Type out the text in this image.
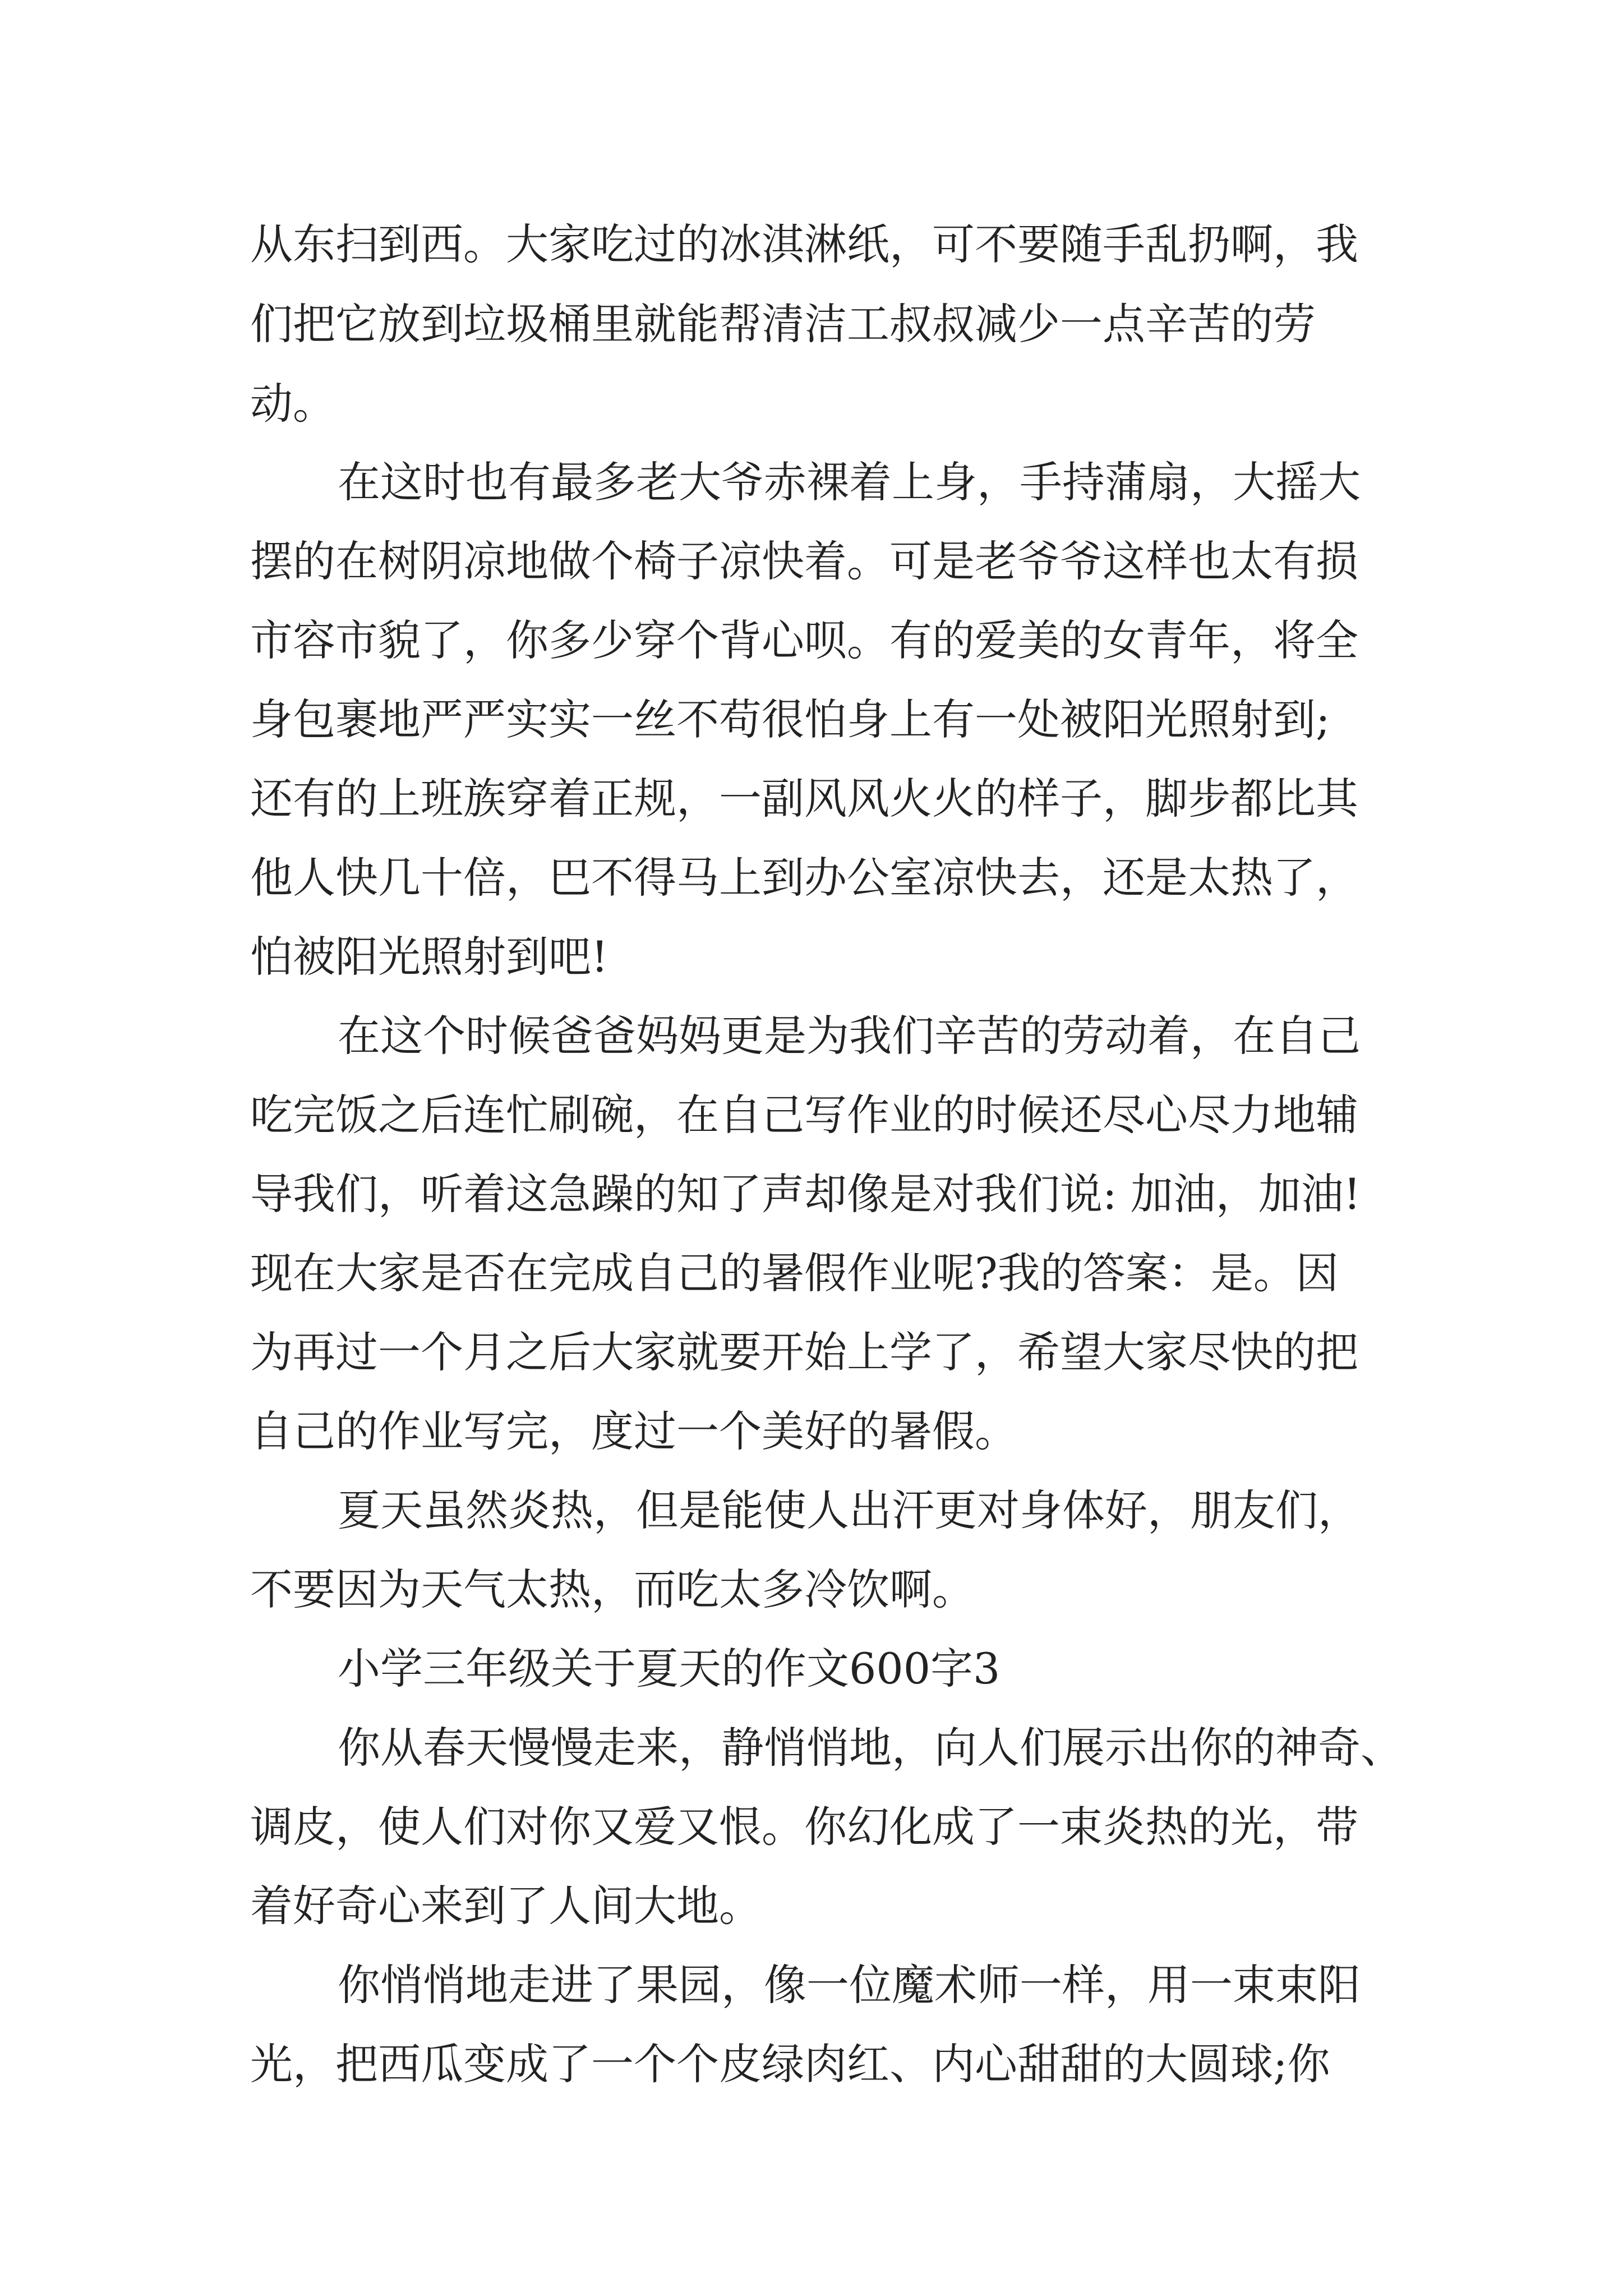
从东扫到西。大家吃过的冰淇淋纸，可不要随手乱扔啊，我

们把它放到垃圾桶里就能帮清洁工叔叔减少一点辛苦的劳

动。

在这时也有最多老大爷赤裸着上身，手持蒲扇，大摇大

摆的在树阴凉地做个椅子凉快着。可是老爷爷这样也太有损

市容市貌了，你多少穿个背心呗。有的爱美的女青年，将全

身包裹地严严实实一丝不苟很怕身上有一处被阳光照射到;

还有的上班族穿着正规，一副风风火火的样子，脚步都比其

他人快几十倍，巴不得马上到办公室凉快去，还是太热了，

怕被阳光照射到吧!

在这个时候爸爸妈妈更是为我们辛苦的劳动着，在自己

吃完饭之后连忙刷碗，在自己写作业的时候还尽心尽力地辅

导我们，听着这急躁的知了声却像是对我们说: 加油，加油!

现在大家是否在完成自己的暑假作业呢?我的答案：是。因

为再过一个月之后大家就要开始上学了，希望大家尽快的把

自己的作业写完，度过一个美好的暑假。

夏天虽然炎热，但是能使人出汗更对身体好，朋友们，

不要因为天气太热，而吃太多冷饮啊。

小学三年级关于夏天的作文600字3

你从春天慢慢走来，静悄悄地，向人们展示出你的神奇、

调皮，使人们对你又爱又恨。你幻化成了一束炎热的光，带

着好奇心来到了人间大地。

你悄悄地走进了果园，像一位魔术师一样，用一束束阳

光，把西瓜变成了一个个皮绿肉红、内心甜甜的大圆球;你
